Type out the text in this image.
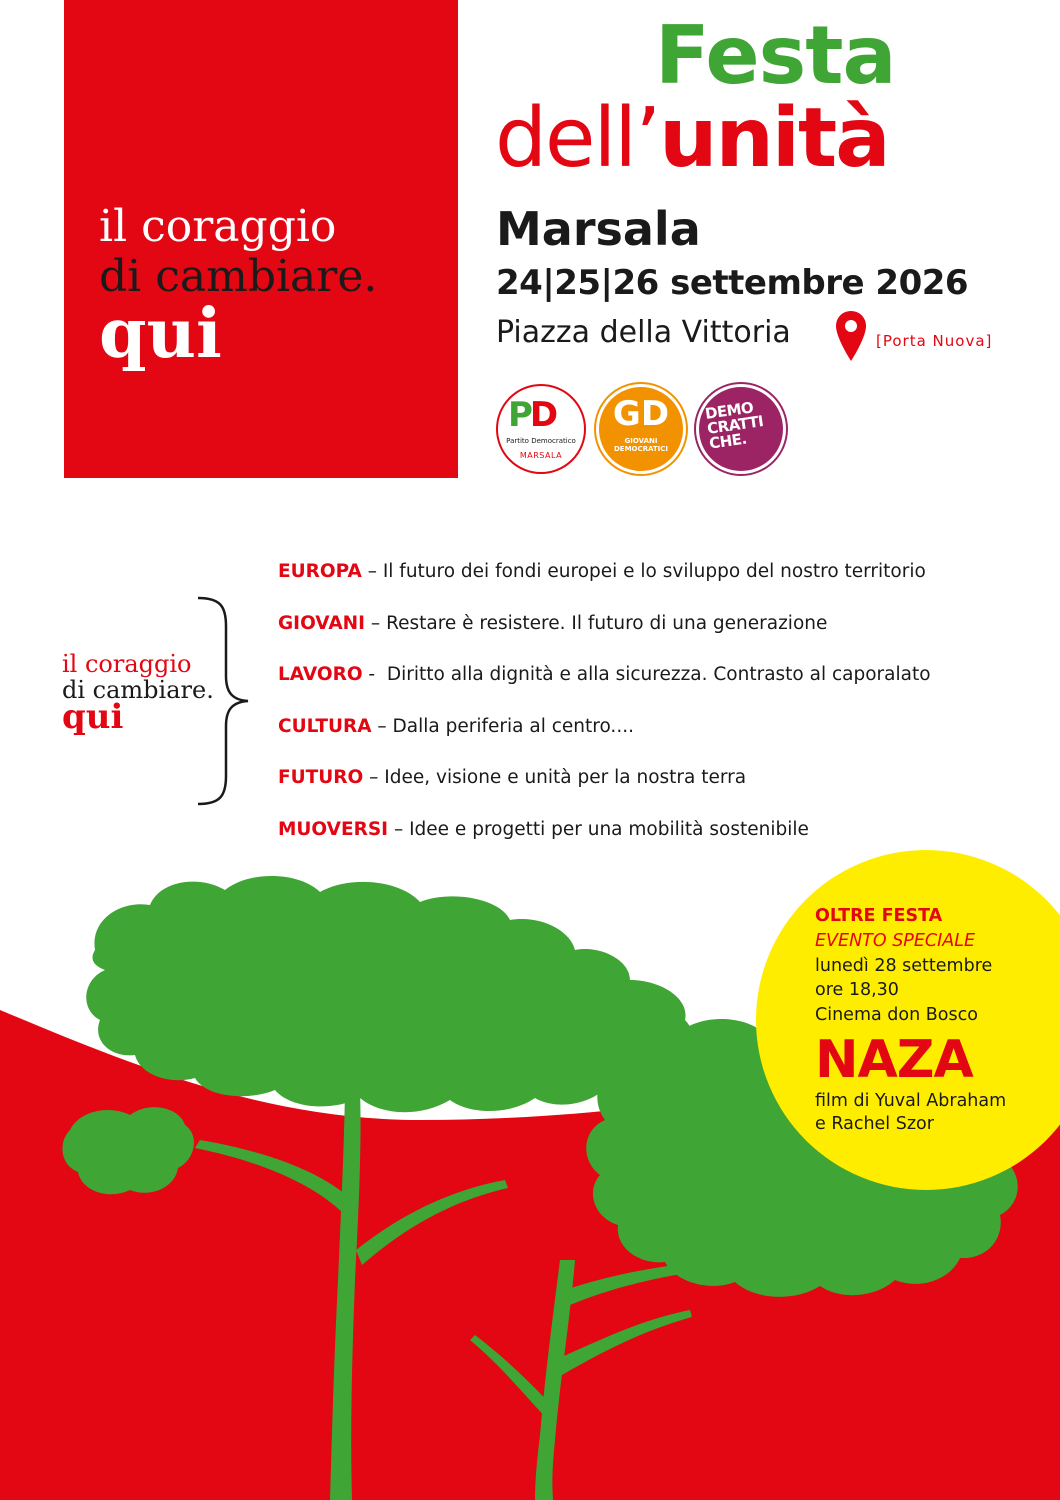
il coraggio
di cambiare.
qui
Festa
dell’unità
Marsala
24|25|26 settembre 2026
Piazza della Vittoria	[Porta Nuova]
PD
Partito Democratico
MARSALA
GD
GIOVANI DEMOCRATICI
DEMO CRATTI CHE.
il coraggio
di cambiare.
qui
EUROPA – Il futuro dei fondi europei e lo sviluppo del nostro territorio
GIOVANI – Restare è resistere. Il futuro di una generazione
LAVORO -  Diritto alla dignità e alla sicurezza. Contrasto al caporalato
CULTURA – Dalla periferia al centro....
FUTURO – Idee, visione e unità per la nostra terra
MUOVERSI – Idee e progetti per una mobilità sostenibile
OLTRE FESTA
EVENTO SPECIALE
lunedì 28 settembre
ore 18,30
Cinema don Bosco
NAZA
film di Yuval Abraham
e Rachel Szor
